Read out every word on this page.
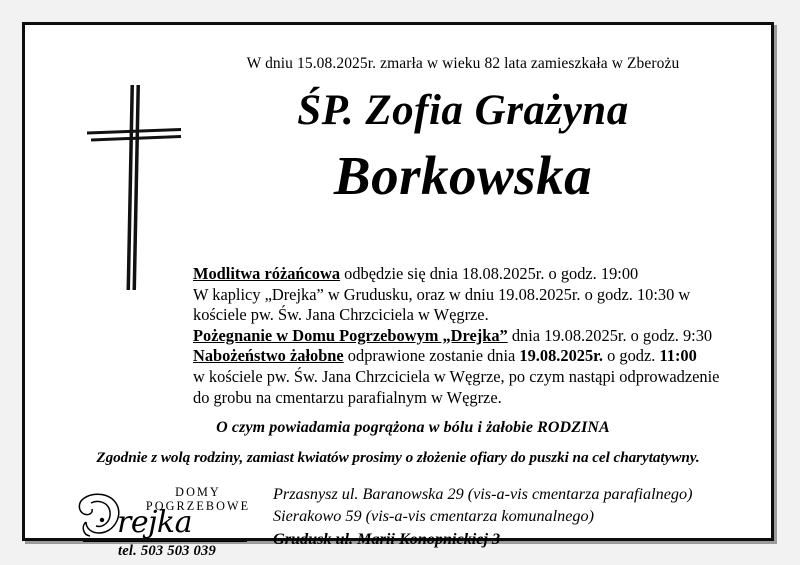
W dniu 15.08.2025r. zmarła w wieku 82 lata zamieszkała w Zberożu
ŚP. Zofia Grażyna
Borkowska
Modlitwa różańcowa odbędzie się dnia 18.08.2025r. o godz. 19:00
W kaplicy „Drejka” w Grudusku, oraz w dniu 19.08.2025r. o godz. 10:30 w
kościele pw. Św. Jana Chrzciciela w Węgrze.
Pożegnanie w Domu Pogrzebowym „Drejka” dnia 19.08.2025r. o godz. 9:30
Nabożeństwo żałobne odprawione zostanie dnia 19.08.2025r. o godz. 11:00
w kościele pw. Św. Jana Chrzciciela w Węgrze, po czym nastąpi odprowadzenie
do grobu na cmentarzu parafialnym w Węgrze.
O czym powiadamia pogrążona w bólu i żałobie RODZINA
Zgodnie z wolą rodziny, zamiast kwiatów prosimy o złożenie ofiary do puszki na cel charytatywny.
DOMY
POGRZEBOWE
rejka
tel. 503 503 039
Przasnysz ul. Baranowska 29 (vis-a-vis cmentarza parafialnego)
Sierakowo 59 (vis-a-vis cmentarza komunalnego)
Grudusk ul. Marii Konopnickiej 3
